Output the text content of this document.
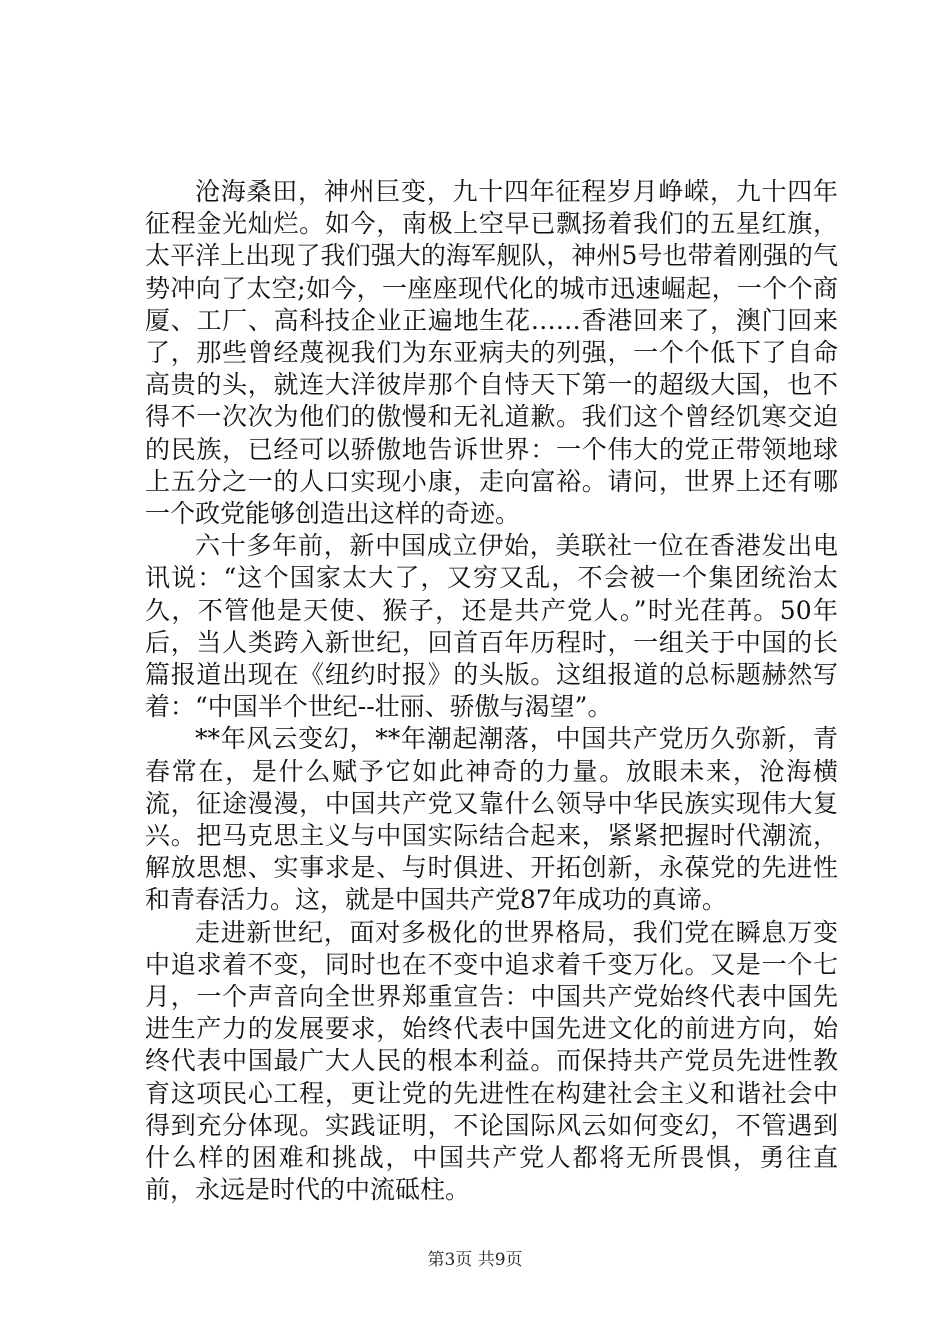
沧海桑田，神州巨变，九十四年征程岁月峥嵘，九十四年征程金光灿烂。如今，南极上空早已飘扬着我们的五星红旗，太平洋上出现了我们强大的海军舰队，神州5号也带着刚强的气势冲向了太空;如今，一座座现代化的城市迅速崛起，一个个商厦、工厂、高科技企业正遍地生花……香港回来了，澳门回来了，那些曾经蔑视我们为东亚病夫的列强，一个个低下了自命高贵的头，就连大洋彼岸那个自恃天下第一的超级大国，也不得不一次次为他们的傲慢和无礼道歉。我们这个曾经饥寒交迫的民族，已经可以骄傲地告诉世界：一个伟大的党正带领地球上五分之一的人口实现小康，走向富裕。请问，世界上还有哪一个政党能够创造出这样的奇迹。

六十多年前，新中国成立伊始，美联社一位在香港发出电讯说：“这个国家太大了，又穷又乱，不会被一个集团统治太久，不管他是天使、猴子，还是共产党人。”时光荏苒。50年后，当人类跨入新世纪，回首百年历程时，一组关于中国的长篇报道出现在《纽约时报》的头版。这组报道的总标题赫然写着：“中国半个世纪--壮丽、骄傲与渴望”。

**年风云变幻，**年潮起潮落，中国共产党历久弥新，青春常在，是什么赋予它如此神奇的力量。放眼未来，沧海横流，征途漫漫，中国共产党又靠什么领导中华民族实现伟大复兴。把马克思主义与中国实际结合起来，紧紧把握时代潮流，解放思想、实事求是、与时俱进、开拓创新，永葆党的先进性和青春活力。这，就是中国共产党87年成功的真谛。

走进新世纪，面对多极化的世界格局，我们党在瞬息万变中追求着不变，同时也在不变中追求着千变万化。又是一个七月，一个声音向全世界郑重宣告：中国共产党始终代表中国先进生产力的发展要求，始终代表中国先进文化的前进方向，始终代表中国最广大人民的根本利益。而保持共产党员先进性教育这项民心工程，更让党的先进性在构建社会主义和谐社会中得到充分体现。实践证明，不论国际风云如何变幻，不管遇到什么样的困难和挑战，中国共产党人都将无所畏惧，勇往直前，永远是时代的中流砥柱。

第3页 共9页
